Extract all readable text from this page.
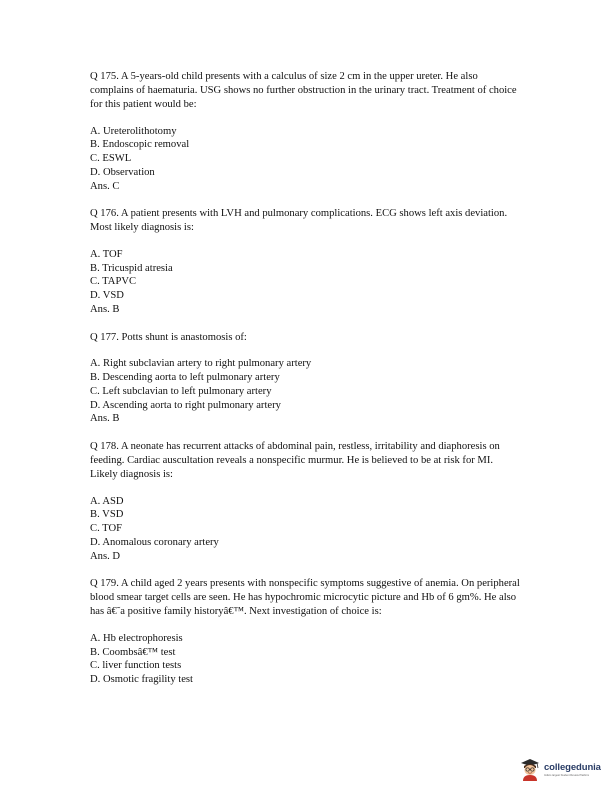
Q 175. A 5-years-old child presents with a calculus of size 2 cm in the upper ureter. He also complains of haematuria. USG shows no further obstruction in the urinary tract. Treatment of choice for this patient would be:

A. Ureterolithotomy
B. Endoscopic removal
C. ESWL
D. Observation
Ans. C

Q 176. A patient presents with LVH and pulmonary complications. ECG shows left axis deviation. Most likely diagnosis is:

A. TOF
B. Tricuspid atresia
C. TAPVC
D. VSD
Ans. B

Q 177. Potts shunt is anastomosis of:

A. Right subclavian artery to right pulmonary artery
B. Descending aorta to left pulmonary artery
C. Left subclavian to left pulmonary artery
D. Ascending aorta to right pulmonary artery
Ans. B

Q 178. A neonate has recurrent attacks of abdominal pain, restless, irritability and diaphoresis on feeding. Cardiac auscultation reveals a nonspecific murmur. He is believed to be at risk for MI. Likely diagnosis is:

A. ASD
B. VSD
C. TOF
D. Anomalous coronary artery
Ans. D

Q 179. A child aged 2 years presents with nonspecific symptoms suggestive of anemia. On peripheral blood smear target cells are seen. He has hypochromic microcytic picture and Hb of 6 gm%. He also has â€˜a positive family historyâ€™. Next investigation of choice is:

A. Hb electrophoresis
B. Coombsâ€™ test
C. liver function tests
D. Osmotic fragility test
collegedunia
India's largest Student Review Platform
